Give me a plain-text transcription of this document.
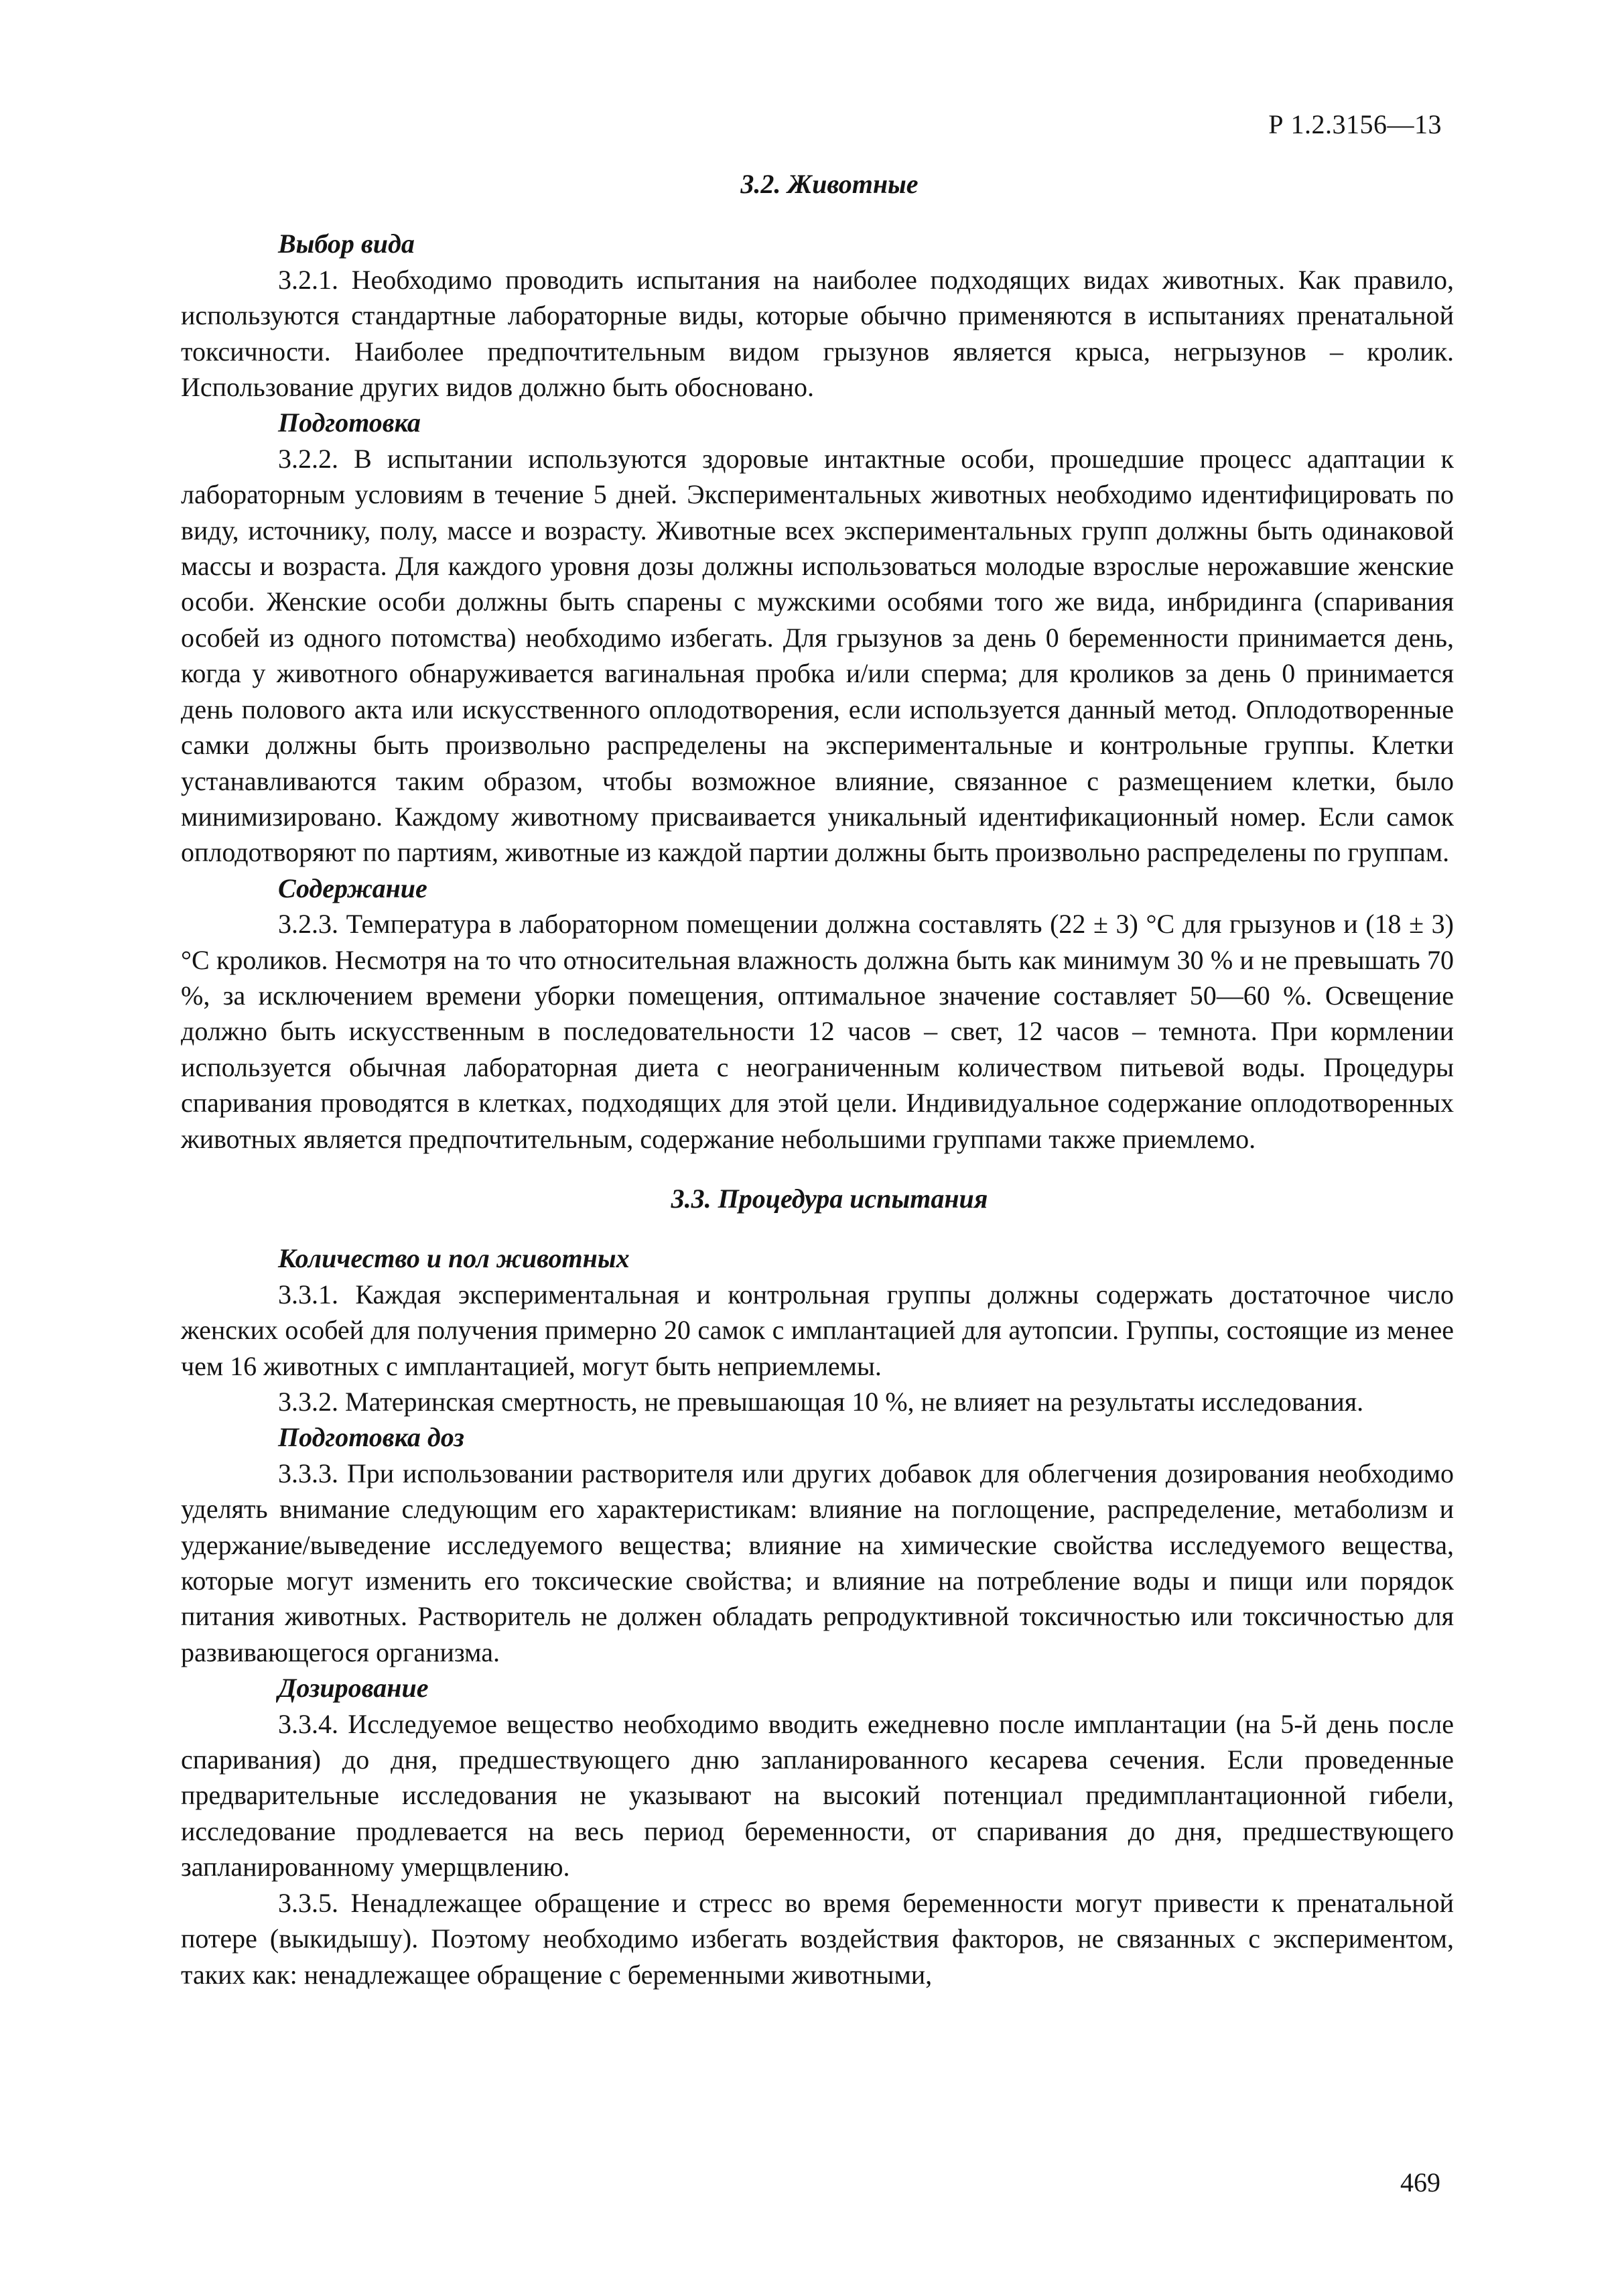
Р 1.2.3156—13
3.2. Животные
Выбор вида

3.2.1. Необходимо проводить испытания на наиболее подходящих видах животных. Как правило, используются стандартные лабораторные виды, которые обычно применяются в испытаниях пренатальной токсичности. Наиболее предпочтительным видом грызунов является крыса, негрызунов – кролик. Использование других видов должно быть обосновано.

Подготовка

3.2.2. В испытании используются здоровые интактные особи, прошедшие процесс адаптации к лабораторным условиям в течение 5 дней. Экспериментальных животных необходимо идентифицировать по виду, источнику, полу, массе и возрасту. Животные всех экспериментальных групп должны быть одинаковой массы и возраста. Для каждого уровня дозы должны использоваться молодые взрослые нерожавшие женские особи. Женские особи должны быть спарены с мужскими особями того же вида, инбридинга (спаривания особей из одного потомства) необходимо избегать. Для грызунов за день 0 беременности принимается день, когда у животного обнаруживается вагинальная пробка и/или сперма; для кроликов за день 0 принимается день полового акта или искусственного оплодотворения, если используется данный метод. Оплодотворенные самки должны быть произвольно распределены на экспериментальные и контрольные группы. Клетки устанавливаются таким образом, чтобы возможное влияние, связанное с размещением клетки, было минимизировано. Каждому животному присваивается уникальный идентификационный номер. Если самок оплодотворяют по партиям, животные из каждой партии должны быть произвольно распределены по группам.

Содержание

3.2.3. Температура в лабораторном помещении должна составлять (22 ± 3) °С для грызунов и (18 ± 3) °С кроликов. Несмотря на то что относительная влажность должна быть как минимум 30 % и не превышать 70 %, за исключением времени уборки помещения, оптимальное значение составляет 50—60 %. Освещение должно быть искусственным в последовательности 12 часов – свет, 12 часов – темнота. При кормлении используется обычная лабораторная диета с неограниченным количеством питьевой воды. Процедуры спаривания проводятся в клетках, подходящих для этой цели. Индивидуальное содержание оплодотворенных животных является предпочтительным, содержание небольшими группами также приемлемо.

3.3. Процедура испытания
Количество и пол животных

3.3.1. Каждая экспериментальная и контрольная группы должны содержать достаточное число женских особей для получения примерно 20 самок с имплантацией для аутопсии. Группы, состоящие из менее чем 16 животных с имплантацией, могут быть неприемлемы.

3.3.2. Материнская смертность, не превышающая 10 %, не влияет на результаты исследования.

Подготовка доз

3.3.3. При использовании растворителя или других добавок для облегчения дозирования необходимо уделять внимание следующим его характеристикам: влияние на поглощение, распределение, метаболизм и удержание/выведение исследуемого вещества; влияние на химические свойства исследуемого вещества, которые могут изменить его токсические свойства; и влияние на потребление воды и пищи или порядок питания животных. Растворитель не должен обладать репродуктивной токсичностью или токсичностью для развивающегося организма.

Дозирование

3.3.4. Исследуемое вещество необходимо вводить ежедневно после имплантации (на 5-й день после спаривания) до дня, предшествующего дню запланированного кесарева сечения. Если проведенные предварительные исследования не указывают на высокий потенциал предимплантационной гибели, исследование продлевается на весь период беременности, от спаривания до дня, предшествующего запланированному умерщвлению.

3.3.5. Ненадлежащее обращение и стресс во время беременности могут привести к пренатальной потере (выкидышу). Поэтому необходимо избегать воздействия факторов, не связанных с экспериментом, таких как: ненадлежащее обращение с беременными животными,

469
